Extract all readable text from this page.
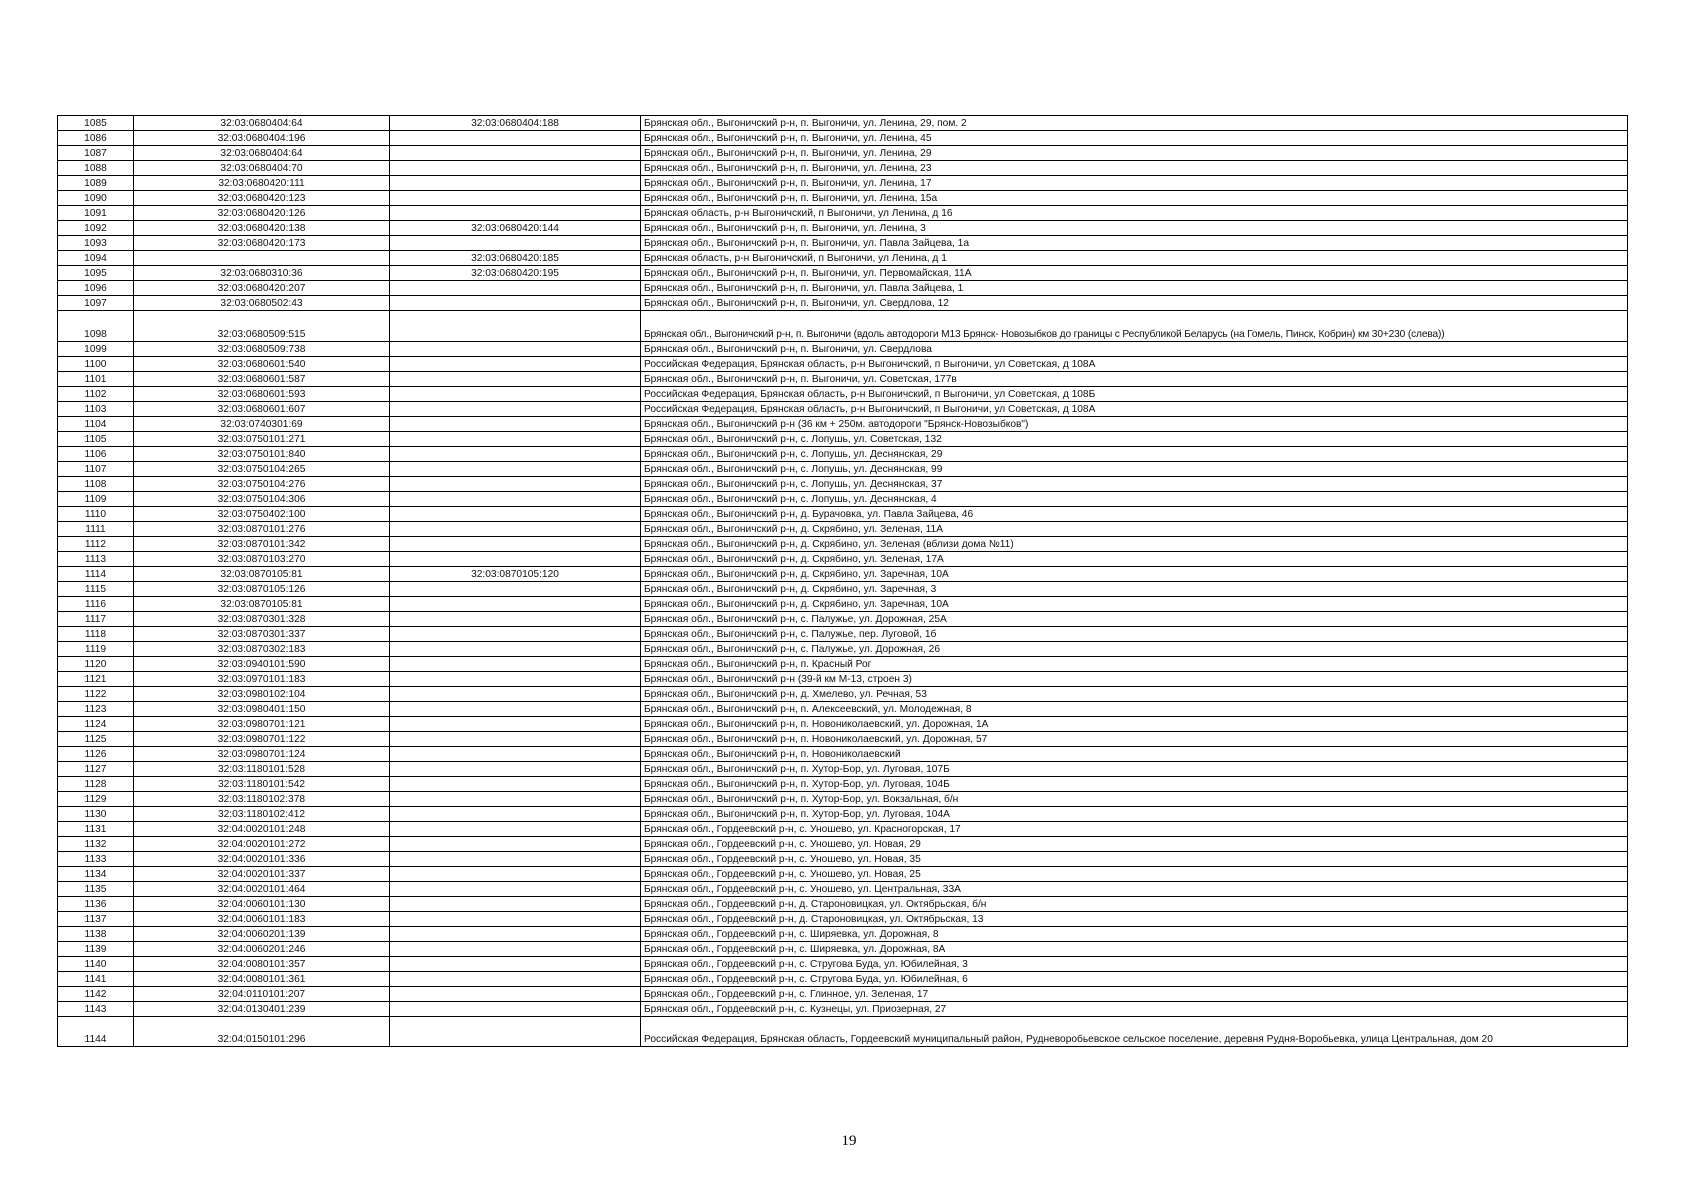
1085	32:03:0680404:64	32:03:0680404:188	Брянская обл., Выгоничский р-н, п. Выгоничи, ул. Ленина, 29, пом. 2
1086	32:03:0680404:196		Брянская обл., Выгоничский р-н, п. Выгоничи, ул. Ленина, 45
1087	32:03:0680404:64		Брянская обл., Выгоничский р-н, п. Выгоничи, ул. Ленина, 29
1088	32:03:0680404:70		Брянская обл., Выгоничский р-н, п. Выгоничи, ул. Ленина, 23
1089	32:03:0680420:111		Брянская обл., Выгоничский р-н, п. Выгоничи, ул. Ленина, 17
1090	32:03:0680420:123		Брянская обл., Выгоничский р-н, п. Выгоничи, ул. Ленина, 15а
1091	32:03:0680420:126		Брянская область, р-н Выгоничский, п Выгоничи, ул Ленина, д 16
1092	32:03:0680420:138	32:03:0680420:144	Брянская обл., Выгоничский р-н, п. Выгоничи, ул. Ленина, 3
1093	32:03:0680420:173		Брянская обл., Выгоничский р-н, п. Выгоничи, ул. Павла Зайцева, 1а
1094		32:03:0680420:185	Брянская область, р-н Выгоничский, п Выгоничи, ул Ленина, д 1
1095	32:03:0680310:36	32:03:0680420:195	Брянская обл., Выгоничский р-н, п. Выгоничи, ул. Первомайская, 11А
1096	32:03:0680420:207		Брянская обл., Выгоничский р-н, п. Выгоничи, ул. Павла Зайцева, 1
1097	32:03:0680502:43		Брянская обл., Выгоничский р-н, п. Выгоничи, ул. Свердлова, 12
1098	32:03:0680509:515		Брянская обл., Выгоничский р-н, п. Выгоничи (вдоль автодороги М13 Брянск- Новозыбков до границы с Республикой Беларусь (на Гомель, Пинск, Кобрин) км 30+230 (слева))
1099	32:03:0680509:738		Брянская обл., Выгоничский р-н, п. Выгоничи, ул. Свердлова
1100	32:03:0680601:540		Российская Федерация, Брянская область, р-н Выгоничский, п Выгоничи, ул Советская, д 108А
1101	32:03:0680601:587		Брянская обл., Выгоничский р-н, п. Выгоничи, ул. Советская, 177в
1102	32:03:0680601:593		Российская Федерация, Брянская область, р-н Выгоничский, п Выгоничи, ул Советская, д 108Б
1103	32:03:0680601:607		Российская Федерация, Брянская область, р-н Выгоничский, п Выгоничи, ул Советская, д 108А
1104	32:03:0740301:69		Брянская обл., Выгоничский р-н (36 км + 250м. автодороги "Брянск-Новозыбков")
1105	32:03:0750101:271		Брянская обл., Выгоничский р-н, с. Лопушь, ул. Советская, 132
1106	32:03:0750101:840		Брянская обл., Выгоничский р-н, с. Лопушь, ул. Деснянская, 29
1107	32:03:0750104:265		Брянская обл., Выгоничский р-н, с. Лопушь, ул. Деснянская, 99
1108	32:03:0750104:276		Брянская обл., Выгоничский р-н, с. Лопушь, ул. Деснянская, 37
1109	32:03:0750104:306		Брянская обл., Выгоничский р-н, с. Лопушь, ул. Деснянская, 4
1110	32:03:0750402:100		Брянская обл., Выгоничский р-н, д. Бурачовка, ул. Павла Зайцева, 46
1111	32:03:0870101:276		Брянская обл., Выгоничский р-н, д. Скрябино, ул. Зеленая, 11А
1112	32:03:0870101:342		Брянская обл., Выгоничский р-н, д. Скрябино, ул. Зеленая (вблизи дома №11)
1113	32:03:0870103:270		Брянская обл., Выгоничский р-н, д. Скрябино, ул. Зеленая, 17А
1114	32:03:0870105:81	32:03:0870105:120	Брянская обл., Выгоничский р-н, д. Скрябино, ул. Заречная, 10А
1115	32:03:0870105:126		Брянская обл., Выгоничский р-н, д. Скрябино, ул. Заречная, 3
1116	32:03:0870105:81		Брянская обл., Выгоничский р-н, д. Скрябино, ул. Заречная, 10А
1117	32:03:0870301:328		Брянская обл., Выгоничский р-н, с. Палужье, ул. Дорожная, 25А
1118	32:03:0870301:337		Брянская обл., Выгоничский р-н, с. Палужье, пер. Луговой, 1б
1119	32:03:0870302:183		Брянская обл., Выгоничский р-н, с. Палужье, ул. Дорожная, 26
1120	32:03:0940101:590		Брянская обл., Выгоничский р-н, п. Красный Рог
1121	32:03:0970101:183		Брянская обл., Выгоничский р-н (39-й км М-13, строен 3)
1122	32:03:0980102:104		Брянская обл., Выгоничский р-н, д. Хмелево, ул. Речная, 53
1123	32:03:0980401:150		Брянская обл., Выгоничский р-н, п. Алексеевский, ул. Молодежная, 8
1124	32:03:0980701:121		Брянская обл., Выгоничский р-н, п. Новониколаевский, ул. Дорожная, 1А
1125	32:03:0980701:122		Брянская обл., Выгоничский р-н, п. Новониколаевский, ул. Дорожная, 57
1126	32:03:0980701:124		Брянская обл., Выгоничский р-н, п. Новониколаевский
1127	32:03:1180101:528		Брянская обл., Выгоничский р-н, п. Хутор-Бор, ул. Луговая, 107Б
1128	32:03:1180101:542		Брянская обл., Выгоничский р-н, п. Хутор-Бор, ул. Луговая, 104Б
1129	32:03:1180102:378		Брянская обл., Выгоничский р-н, п. Хутор-Бор, ул. Вокзальная, б/н
1130	32:03:1180102:412		Брянская обл., Выгоничский р-н, п. Хутор-Бор, ул. Луговая, 104А
1131	32:04:0020101:248		Брянская обл., Гордеевский р-н, с. Уношево, ул. Красногорская, 17
1132	32:04:0020101:272		Брянская обл., Гордеевский р-н, с. Уношево, ул. Новая, 29
1133	32:04:0020101:336		Брянская обл., Гордеевский р-н, с. Уношево, ул. Новая, 35
1134	32:04:0020101:337		Брянская обл., Гордеевский р-н, с. Уношево, ул. Новая, 25
1135	32:04:0020101:464		Брянская обл., Гордеевский р-н, с. Уношево, ул. Центральная, 33А
1136	32:04:0060101:130		Брянская обл., Гордеевский р-н, д. Староновицкая, ул. Октябрьская, б/н
1137	32:04:0060101:183		Брянская обл., Гордеевский р-н, д. Староновицкая, ул. Октябрьская, 13
1138	32:04:0060201:139		Брянская обл., Гордеевский р-н, с. Ширяевка, ул. Дорожная, 8
1139	32:04:0060201:246		Брянская обл., Гордеевский р-н, с. Ширяевка, ул. Дорожная, 8А
1140	32:04:0080101:357		Брянская обл., Гордеевский р-н, с. Стругова Буда, ул. Юбилейная, 3
1141	32:04:0080101:361		Брянская обл., Гордеевский р-н, с. Стругова Буда, ул. Юбилейная, 6
1142	32:04:0110101:207		Брянская обл., Гордеевский р-н, с. Глинное, ул. Зеленая, 17
1143	32:04:0130401:239		Брянская обл., Гордеевский р-н, с. Кузнецы, ул. Приозерная, 27
1144	32:04:0150101:296		Российская Федерация, Брянская область, Гордеевский муниципальный район, Рудневоробьевское сельское поселение, деревня Рудня-Воробьевка, улица Центральная, дом 20
19
